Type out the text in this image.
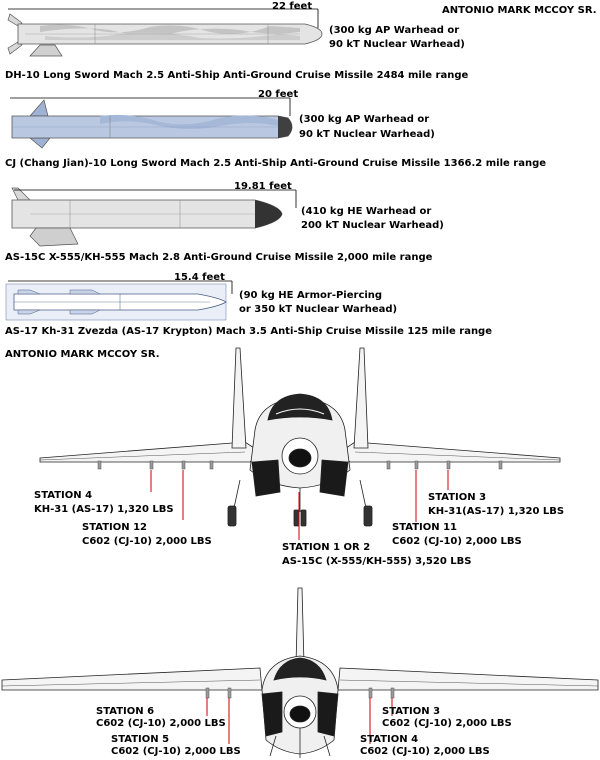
ANTONIO MARK MCCOY SR.
22 feet
(300 kg AP Warhead or
90 kT Nuclear Warhead)
DH-10 Long Sword Mach 2.5 Anti-Ship Anti-Ground Cruise Missile 2484 mile range
20 feet
(300 kg AP Warhead or
90 kT Nuclear Warhead)
CJ (Chang Jian)-10 Long Sword Mach 2.5 Anti-Ship Anti-Ground Cruise Missile 1366.2 mile range
19.81 feet
(410 kg HE Warhead or
200 kT Nuclear Warhead)
AS-15C X-555/KH-555 Mach 2.8 Anti-Ground Cruise Missile 2,000 mile range
15.4 feet
(90 kg HE Armor-Piercing
or 350 kT Nuclear Warhead)
AS-17 Kh-31 Zvezda (AS-17 Krypton) Mach 3.5 Anti-Ship Cruise Missile 125 mile range
ANTONIO MARK MCCOY SR.
STATION 4
KH-31 (AS-17) 1,320 LBS
STATION 12
C602 (CJ-10) 2,000 LBS
STATION 1 OR 2
AS-15C (X-555/KH-555) 3,520 LBS
STATION 11
C602 (CJ-10) 2,000 LBS
STATION 3
KH-31(AS-17) 1,320 LBS
STATION 6
C602 (CJ-10) 2,000 LBS
STATION 5
C602 (CJ-10) 2,000 LBS
STATION 3
C602 (CJ-10) 2,000 LBS
STATION 4
C602 (CJ-10) 2,000 LBS
